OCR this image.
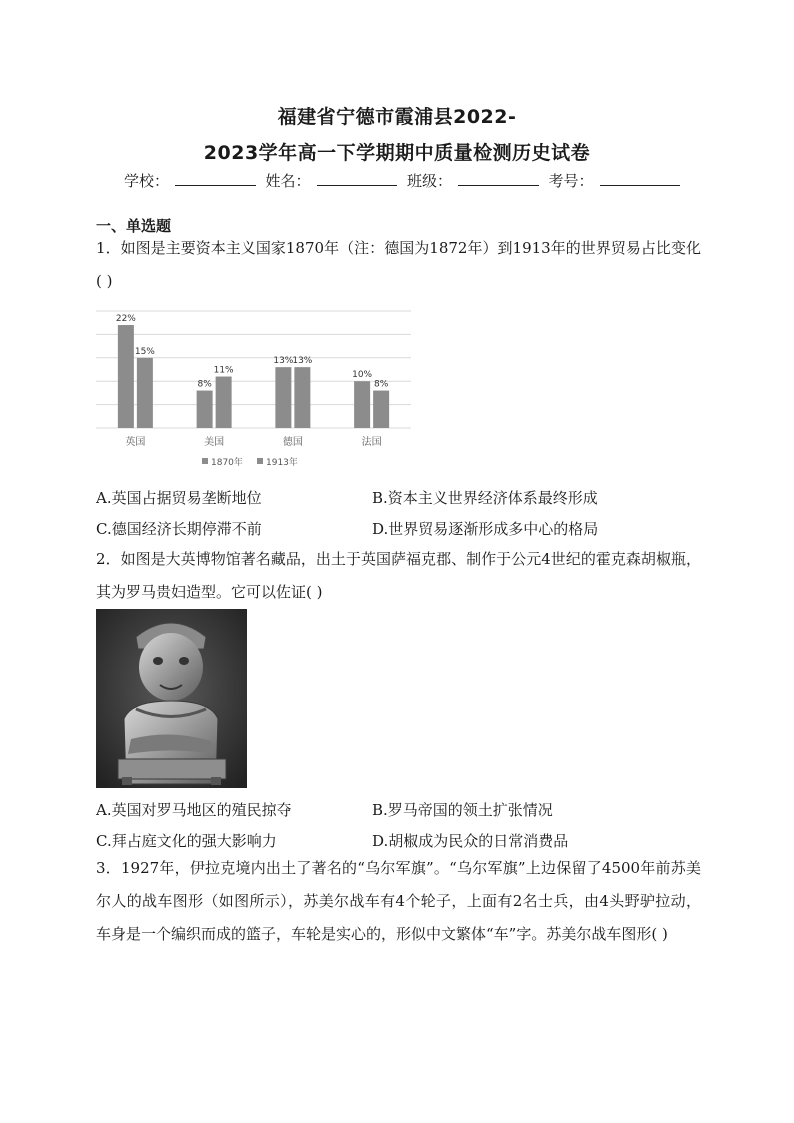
福建省宁德市霞浦县2022-
2023学年高一下学期期中质量检测历史试卷
学校：	姓名：	班级：	考号：
一、单选题
1．如图是主要资本主义国家1870年（注：德国为1872年）到1913年的世界贸易占比变化( )
22%
15%
8%
11%
13%
13%
10%
8%
英国	美国	德国	法国
1870年	1913年
A.英国占据贸易垄断地位	B.资本主义世界经济体系最终形成
C.德国经济长期停滞不前	D.世界贸易逐渐形成多中心的格局
2．如图是大英博物馆著名藏品，出土于英国萨福克郡、制作于公元4世纪的霍克森胡椒瓶，其为罗马贵妇造型。它可以佐证( )
A.英国对罗马地区的殖民掠夺	B.罗马帝国的领土扩张情况
C.拜占庭文化的强大影响力	D.胡椒成为民众的日常消费品
3．1927年，伊拉克境内出土了著名的“乌尔军旗”。“乌尔军旗”上边保留了4500年前苏美尔人的战车图形（如图所示），苏美尔战车有4个轮子，上面有2名士兵，由4头野驴拉动，车身是一个编织而成的篮子，车轮是实心的，形似中文繁体“车”字。苏美尔战车图形( )
